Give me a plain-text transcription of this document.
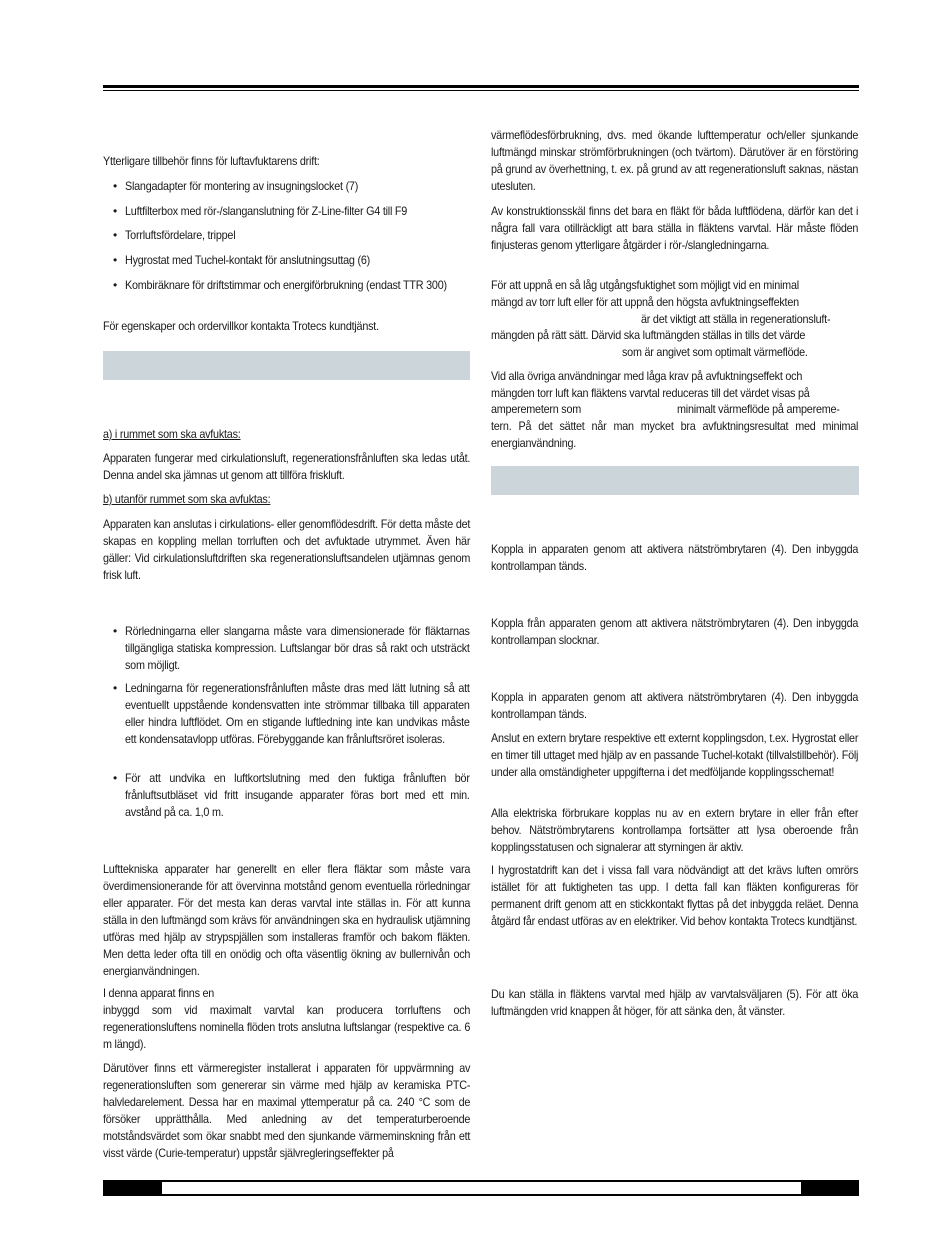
Ytterligare tillbehör finns för luftavfuktarens drift:

• Slangadapter för montering av insugningslocket (7)
• Luftfilterbox med rör-/slanganslutning för Z-Line-filter G4 till F9
• Torrluftsfördelare, trippel
• Hygrostat med Tuchel-kontakt för anslutningsuttag (6)
• Kombiräknare för driftstimmar och energiförbrukning (endast TTR 300)

För egenskaper och ordervillkor kontakta Trotecs kundtjänst.

a) i rummet som ska avfuktas:

Apparaten fungerar med cirkulationsluft, regenerationsfrånluften ska ledas utåt. Denna andel ska jämnas ut genom att tillföra friskluft.

b) utanför rummet som ska avfuktas:

Apparaten kan anslutas i cirkulations- eller genomflödesdrift. För detta måste det skapas en koppling mellan torrluften och det avfuktade utrymmet. Även här gäller: Vid cirkulationsluftdriften ska regenerationsluftsandelen utjämnas genom frisk luft.

• Rörledningarna eller slangarna måste vara dimensionerade för fläktarnas tillgängliga statiska kompression. Luftslangar bör dras så rakt och utsträckt som möjligt.
• Ledningarna för regenerationsfrånluften måste dras med lätt lutning så att eventuellt uppstående kondensvatten inte strömmar tillbaka till apparaten eller hindra luftflödet. Om en stigande luftledning inte kan undvikas måste ett kondensatavlopp utföras. Förebyggande kan frånluftsröret isoleras.
• För att undvika en luftkortslutning med den fuktiga frånluften bör frånluftsutbläset vid fritt insugande apparater föras bort med ett min. avstånd på ca. 1,0 m.

Lufttekniska apparater har generellt en eller flera fläktar som måste vara överdimensionerande för att övervinna motstånd genom eventuella rörledningar eller apparater. För det mesta kan deras varvtal inte ställas in. För att kunna ställa in den luftmängd som krävs för användningen ska en hydraulisk utjämning utföras med hjälp av strypspjällen som installeras framför och bakom fläkten. Men detta leder ofta till en onödig och ofta väsentlig ökning av bullernivån och energianvändningen.

I denna apparat finns en

inbyggd som vid maximalt varvtal kan producera torrluftens och regenerationsluftens nominella flöden trots anslutna luftslangar (respektive ca. 6 m längd).

Därutöver finns ett värmeregister installerat i apparaten för uppvärmning av regenerationsluften som genererar sin värme med hjälp av keramiska PTC-halvledarelement. Dessa har en maximal yttemperatur på ca. 240 °C som de försöker upprätthålla. Med anledning av det temperaturberoende motståndsvärdet som ökar snabbt med den sjunkande värmeminskning från ett visst värde (Curie-temperatur) uppstår självregleringseffekter på

värmeflödesförbrukning, dvs. med ökande lufttemperatur och/eller sjunkande luftmängd minskar strömförbrukningen (och tvärtom). Därutöver är en förstöring på grund av överhettning, t. ex. på grund av att regenerationsluft saknas, nästan utesluten.

Av konstruktionsskäl finns det bara en fläkt för båda luftflödena, därför kan det i några fall vara otillräckligt att bara ställa in fläktens varvtal. Här måste flöden finjusteras genom ytterligare åtgärder i rör-/slangledningarna.

För att uppnå en så låg utgångsfuktighet som möjligt vid en minimal

mängd av torr luft eller för att uppnå den högsta avfuktningseffekten

är det viktigt att ställa in regenerationsluft-

mängden på rätt sätt. Därvid ska luftmängden ställas in tills det värde

som är angivet som optimalt värmeflöde.

Vid alla övriga användningar med låga krav på avfuktningseffekt och

mängden torr luft kan fläktens varvtal reduceras till det värdet visas på

amperemetern som	minimalt värmeflöde på amperemе-

tern. På det sättet når man mycket bra avfuktningsresultat med minimal energianvändning.

Koppla in apparaten genom att aktivera nätströmbrytaren (4). Den inbyggda kontrollampan tänds.

Koppla från apparaten genom att aktivera nätströmbrytaren (4). Den inbyggda kontrollampan slocknar.

Koppla in apparaten genom att aktivera nätströmbrytaren (4). Den inbyggda kontrollampan tänds.

Anslut en extern brytare respektive ett externt kopplingsdon, t.ex. Hygrostat eller en timer till uttaget med hjälp av en passande Tuchel-kotakt (tillvalstillbehör). Följ under alla omständigheter uppgifterna i det medföljande kopplingsschemat!

Alla elektriska förbrukare kopplas nu av en extern brytare in eller från efter behov. Nätströmbrytarens kontrollampa fortsätter att lysa oberoende från kopplingsstatusen och signalerar att styrningen är aktiv.

I hygrostatdrift kan det i vissa fall vara nödvändigt att det krävs luften omrörs istället för att fuktigheten tas upp. I detta fall kan fläkten konfigureras för permanent drift genom att en stickkontakt flyttas på det inbyggda reläet. Denna åtgärd får endast utföras av en elektriker. Vid behov kontakta Trotecs kundtjänst.

Du kan ställa in fläktens varvtal med hjälp av varvtalsväljaren (5). För att öka luftmängden vrid knappen åt höger, för att sänka den, åt vänster.
